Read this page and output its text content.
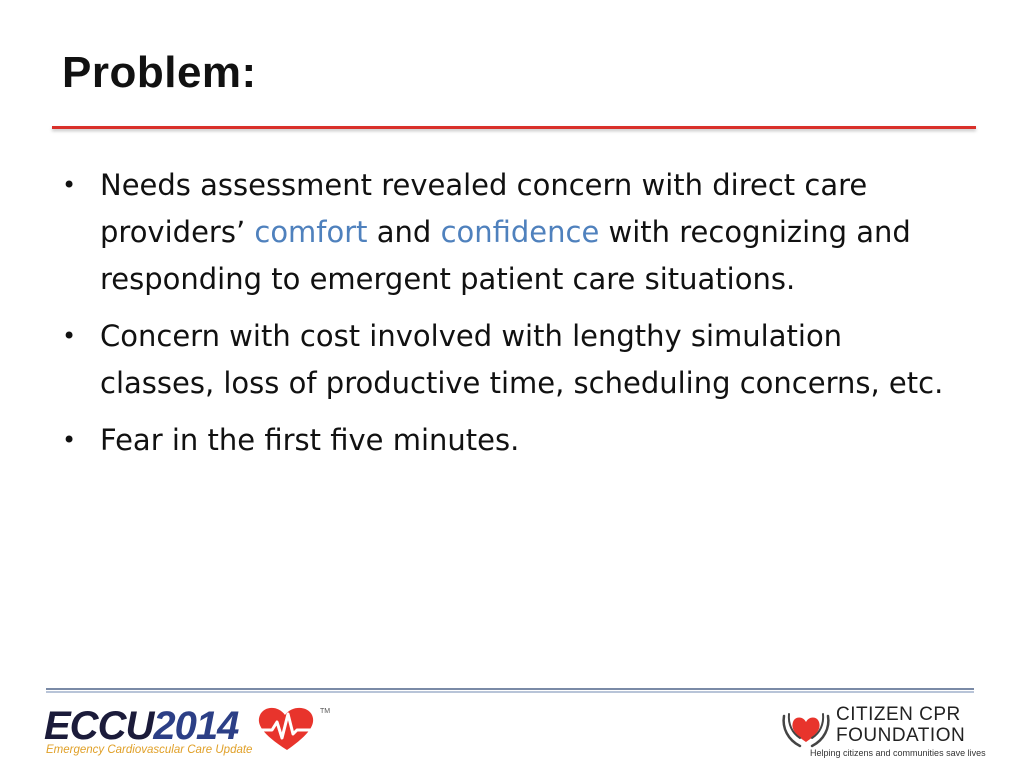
Problem:
• Needs assessment revealed concern with direct care providers’ comfort and confidence with recognizing and responding to emergent patient care situations.
• Concern with cost involved with lengthy simulation classes, loss of productive time, scheduling concerns, etc.
• Fear in the first five minutes.
ECCU2014	TM
Emergency Cardiovascular Care Update
CITIZEN CPR
FOUNDATION
Helping citizens and communities save lives
